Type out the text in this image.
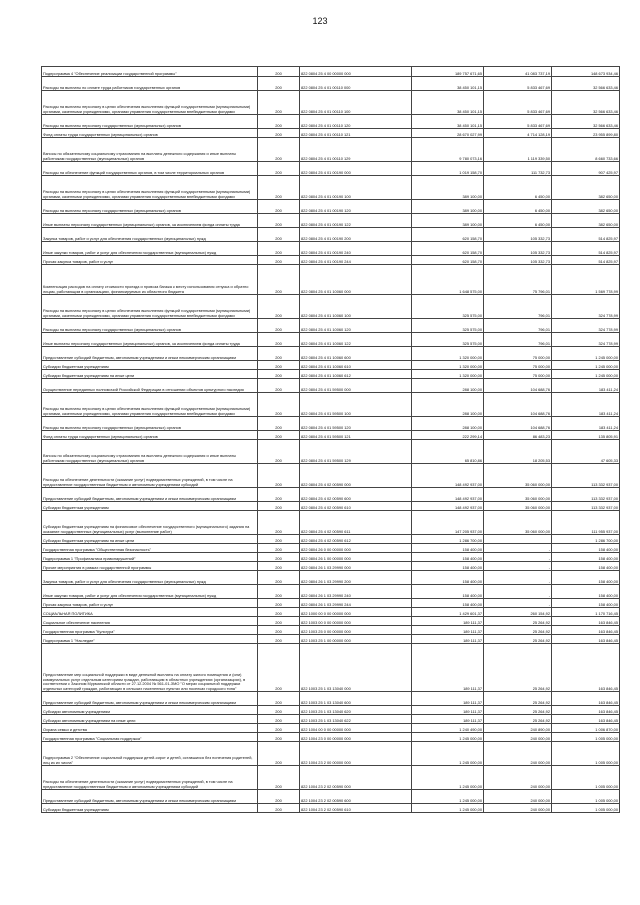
123
Подпрограмма 4 "Обеспечение реализации государственной программы"	200	822 0804 25 4 00 00000 000	189 757 671,65	41 083 737,19	148 673 934,46
Расходы на выплаты по оплате труда работников государственных органов	200	822 0804 25 4 01 00110 000	38 450 101,15	5 833 467,69	32 566 633,46
Расходы на выплаты персоналу в целях обеспечения выполнения функций государственными (муниципальными) органами, казенными учреждениями, органами управления государственными внебюджетными фондами	200	822 0804 25 4 01 00110 100	38 450 101,15	5 833 467,69	32 566 633,46
Расходы на выплаты персоналу государственных (муниципальных) органов	200	822 0804 25 4 01 00110 120	38 450 101,15	5 833 467,69	32 566 633,46
Фонд оплаты труда государственных (муниципальных) органов	200	822 0804 25 4 01 00110 121	28 670 027,99	4 714 128,19	23 955 899,80
Взносы по обязательному социальному страхованию на выплаты денежного содержания и иные выплаты работникам государственных (муниципальных) органов	200	822 0804 25 4 01 00110 129	9 780 073,16	1 119 339,50	8 660 733,66
Расходы на обеспечение функций государственных органов, в том числе территориальных органов	200	822 0804 25 4 01 00190 000	1 019 158,70	111 732,73	907 425,97
Расходы на выплаты персоналу в целях обеспечения выполнения функций государственными (муниципальными) органами, казенными учреждениями, органами управления государственными внебюджетными фондами	200	822 0804 25 4 01 00190 100	389 100,00	6 450,00	382 650,00
Расходы на выплаты персоналу государственных (муниципальных) органов	200	822 0804 25 4 01 00190 120	389 100,00	6 450,00	382 650,00
Иные выплаты персоналу государственных (муниципальных) органов, за исключением фонда оплаты труда	200	822 0804 25 4 01 00190 122	389 100,00	6 450,00	382 650,00
Закупка товаров, работ и услуг для обеспечения государственных (муниципальных) нужд	200	822 0804 25 4 01 00190 200	620 158,70	105 332,73	514 825,97
Иные закупки товаров, работ и услуг для обеспечения государственных (муниципальных) нужд	200	822 0804 25 4 01 00190 240	620 158,70	105 332,73	514 825,97
Прочая закупка товаров, работ и услуг	200	822 0804 25 4 01 00190 244	620 158,70	105 332,73	514 825,97
Компенсация расходов на оплату стоимости проезда и провоза багажа к месту использования отпуска и обратно лицам, работающим в организациях, финансируемых из областного бюджета	200	822 0804 25 4 01 10060 000	1 648 575,00	75 796,01	1 569 778,99
Расходы на выплаты персоналу в целях обеспечения выполнения функций государственными (муниципальными) органами, казенными учреждениями, органами управления государственными внебюджетными фондами	200	822 0804 25 4 01 10060 100	325 575,00	796,01	324 778,99
Расходы на выплаты персоналу государственных (муниципальных) органов	200	822 0804 25 4 01 10060 120	325 575,00	796,01	324 778,99
Иные выплаты персоналу государственных (муниципальных) органов, за исключением фонда оплаты труда	200	822 0804 25 4 01 10060 122	325 575,00	796,01	324 778,99
Предоставление субсидий бюджетным, автономным учреждениям и иным некоммерческим организациям	200	822 0804 25 4 01 10060 600	1 320 000,00	75 000,00	1 245 000,00
Субсидии бюджетным учреждениям	200	822 0804 25 4 01 10060 610	1 320 000,00	75 000,00	1 245 000,00
Субсидии бюджетным учреждениям на иные цели	200	822 0804 25 4 01 10060 612	1 320 000,00	75 000,00	1 245 000,00
Осуществление переданных полномочий Российской Федерации в отношении объектов культурного наследия	200	822 0804 25 4 01 59500 000	288 100,00	104 688,76	183 411,24
Расходы на выплаты персоналу в целях обеспечения выполнения функций государственными (муниципальными) органами, казенными учреждениями, органами управления государственными внебюджетными фондами	200	822 0804 25 4 01 59500 100	288 100,00	104 688,76	183 411,24
Расходы на выплаты персоналу государственных (муниципальных) органов	200	822 0804 25 4 01 59500 120	288 100,00	104 688,76	183 411,24
Фонд оплаты труда государственных (муниципальных) органов	200	822 0804 25 4 01 59500 121	222 299,14	86 483,23	135 805,91
Взносы по обязательному социальному страхованию на выплаты денежного содержания и иные выплаты работникам государственных (муниципальных) органов	200	822 0804 25 4 01 59500 129	65 810,86	18 205,53	47 605,33
Расходы на обеспечение деятельности (оказание услуг) подведомственных учреждений, в том числе на предоставление государственным бюджетным и автономным учреждениям субсидий	200	822 0804 25 4 02 00590 000	148 492 937,00	35 060 000,00	113 332 937,00
Предоставление субсидий бюджетным, автономным учреждениям и иным некоммерческим организациям	200	822 0804 25 4 02 00590 600	148 492 937,00	35 060 000,00	113 332 937,00
Субсидии бюджетным учреждениям	200	822 0804 25 4 02 00590 610	148 492 937,00	35 060 000,00	113 332 937,00
Субсидии бюджетным учреждениям на финансовое обеспечение государственного (муниципального) задания на оказание государственных (муниципальных) услуг (выполнение работ)	200	822 0804 25 4 02 00590 611	147 205 937,00	35 060 000,00	111 955 937,00
Субсидии бюджетным учреждениям на иные цели	200	822 0804 25 4 02 00590 612	1 286 700,00		1 286 700,00
Государственная программа "Общественная безопасность"	200	822 0804 26 0 00 00000 000	158 400,00	-	158 400,00
Подпрограмма 1 "Профилактика правонарушений"	200	822 0804 26 1 00 00000 000	158 400,00	-	158 400,00
Прочие мероприятия в рамках государственной программы	200	822 0804 26 1 03 29990 000	158 400,00	-	158 400,00
Закупка товаров, работ и услуг для обеспечения государственных (муниципальных) нужд	200	822 0804 26 1 03 29990 200	158 400,00	-	158 400,00
Иные закупки товаров, работ и услуг для обеспечения государственных (муниципальных) нужд	200	822 0804 26 1 03 29990 240	158 400,00	-	158 400,00
Прочая закупка товаров, работ и услуг	200	822 0804 26 1 03 29990 244	158 400,00	-	158 400,00
СОЦИАЛЬНАЯ ПОЛИТИКА	200	822 1000 00 0 00 00000 000	1 429 601,37	260 154,92	1 170 716,45
Социальное обеспечение населения	200	822 1003 00 0 00 00000 000	189 111,37	25 264,92	163 846,45
Государственная программа "Культура"	200	822 1003 25 0 00 00000 000	189 111,37	25 264,92	163 846,45
Подпрограмма 1 "Наследие"	200	822 1003 25 1 00 00000 000	189 111,37	25 264,92	163 846,45
Предоставление мер социальной поддержки в виде денежной выплаты на оплату жилого помещения и (или) коммунальных услуг отдельным категориям граждан, работающим в областных учреждениях (организациях), в соответствии с Законом Мурманской области от 27.12.2004 № 561-01-ЗМО "О мерах социальной поддержки отдельных категорий граждан, работающих в сельских населенных пунктах или поселках городского типа"	200	822 1003 25 1 03 13040 000	189 111,37	25 264,92	163 846,45
Предоставление субсидий бюджетным, автономным учреждениям и иным некоммерческим организациям	200	822 1003 25 1 03 13040 600	189 111,37	25 264,92	163 846,45
Субсидии автономным учреждениям	200	822 1003 25 1 03 13040 620	189 111,37	25 264,92	163 846,45
Субсидии автономным учреждениям на иные цели	200	822 1003 25 1 03 13040 622	189 111,37	25 264,92	163 846,45
Охрана семьи и детства	200	822 1004 00 0 00 00000 000	1 240 490,00	240 890,00	1 006 870,00
Государственная программа "Социальная поддержка"	200	822 1004 23 0 00 00000 000	1 245 000,00	240 000,00	1 005 000,00
Подпрограмма 2 "Обеспечение социальной поддержки детей-сирот и детей, оставшихся без попечения родителей, лиц из их числа"	200	822 1004 23 2 00 00000 000	1 245 000,00	240 000,00	1 005 000,00
Расходы на обеспечение деятельности (оказание услуг) подведомственных учреждений, в том числе на предоставление государственным бюджетным и автономным учреждениям субсидий	200	822 1004 23 2 02 00590 000	1 245 000,00	240 000,00	1 005 000,00
Предоставление субсидий бюджетным, автономным учреждениям и иным некоммерческим организациям	200	822 1004 23 2 02 00590 600	1 245 000,00	240 000,00	1 005 000,00
Субсидии бюджетным учреждениям	200	822 1004 23 2 02 00590 610	1 245 000,00	240 000,00	1 005 000,00
